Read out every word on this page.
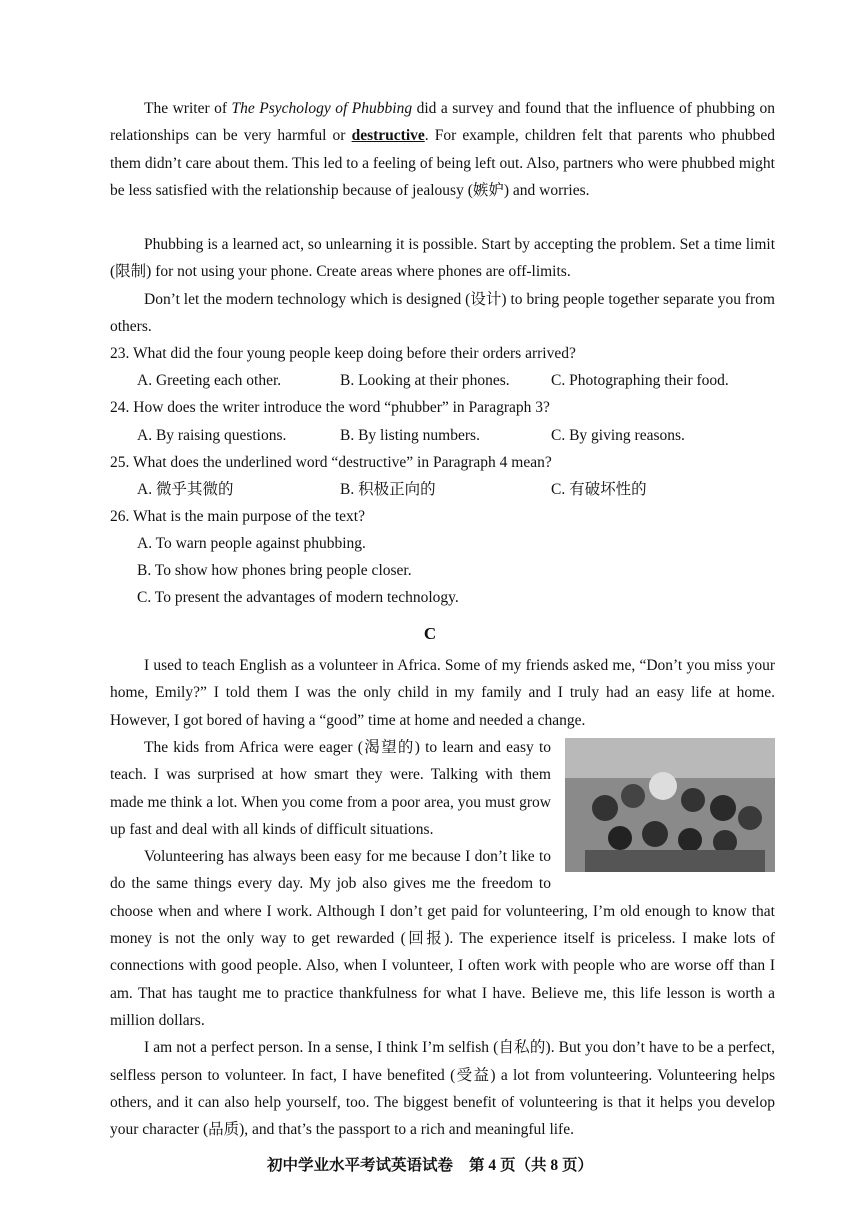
The writer of The Psychology of Phubbing did a survey and found that the influence of phubbing on relationships can be very harmful or destructive. For example, children felt that parents who phubbed them didn’t care about them. This led to a feeling of being left out. Also, partners who were phubbed might be less satisfied with the relationship because of jealousy (嫉妒) and worries.

Phubbing is a learned act, so unlearning it is possible. Start by accepting the problem. Set a time limit (限制) for not using your phone. Create areas where phones are off-limits.

Don’t let the modern technology which is designed (设计) to bring people together separate you from others.

23. What did the four young people keep doing before their orders arrived?
A. Greeting each other.	B. Looking at their phones.	C. Photographing their food.
24. How does the writer introduce the word “phubber” in Paragraph 3?
A. By raising questions.	B. By listing numbers.	C. By giving reasons.
25. What does the underlined word “destructive” in Paragraph 4 mean?
A. 微乎其微的	B. 积极正向的	C. 有破坏性的
26. What is the main purpose of the text?
A. To warn people against phubbing.
B. To show how phones bring people closer.
C. To present the advantages of modern technology.
C

I used to teach English as a volunteer in Africa. Some of my friends asked me, “Don’t you miss your home, Emily?” I told them I was the only child in my family and I truly had an easy life at home. However, I got bored of having a “good” time at home and needed a change.

The kids from Africa were eager (渴望的) to learn and easy to teach. I was surprised at how smart they were. Talking with them made me think a lot. When you come from a poor area, you must grow up fast and deal with all kinds of difficult situations.

Volunteering has always been easy for me because I don’t like to do the same things every day. My job also gives me the freedom to choose when and where I work. Although I don’t get paid for volunteering, I’m old enough to know that money is not the only way to get rewarded (回报). The experience itself is priceless. I make lots of connections with good people. Also, when I volunteer, I often work with people who are worse off than I am. That has taught me to practice thankfulness for what I have. Believe me, this life lesson is worth a million dollars.

I am not a perfect person. In a sense, I think I’m selfish (自私的). But you don’t have to be a perfect, selfless person to volunteer. In fact, I have benefited (受益) a lot from volunteering. Volunteering helps others, and it can also help yourself, too. The biggest benefit of volunteering is that it helps you develop your character (品质), and that’s the passport to a rich and meaningful life.

初中学业水平考试英语试卷 第 4 页（共 8 页）
